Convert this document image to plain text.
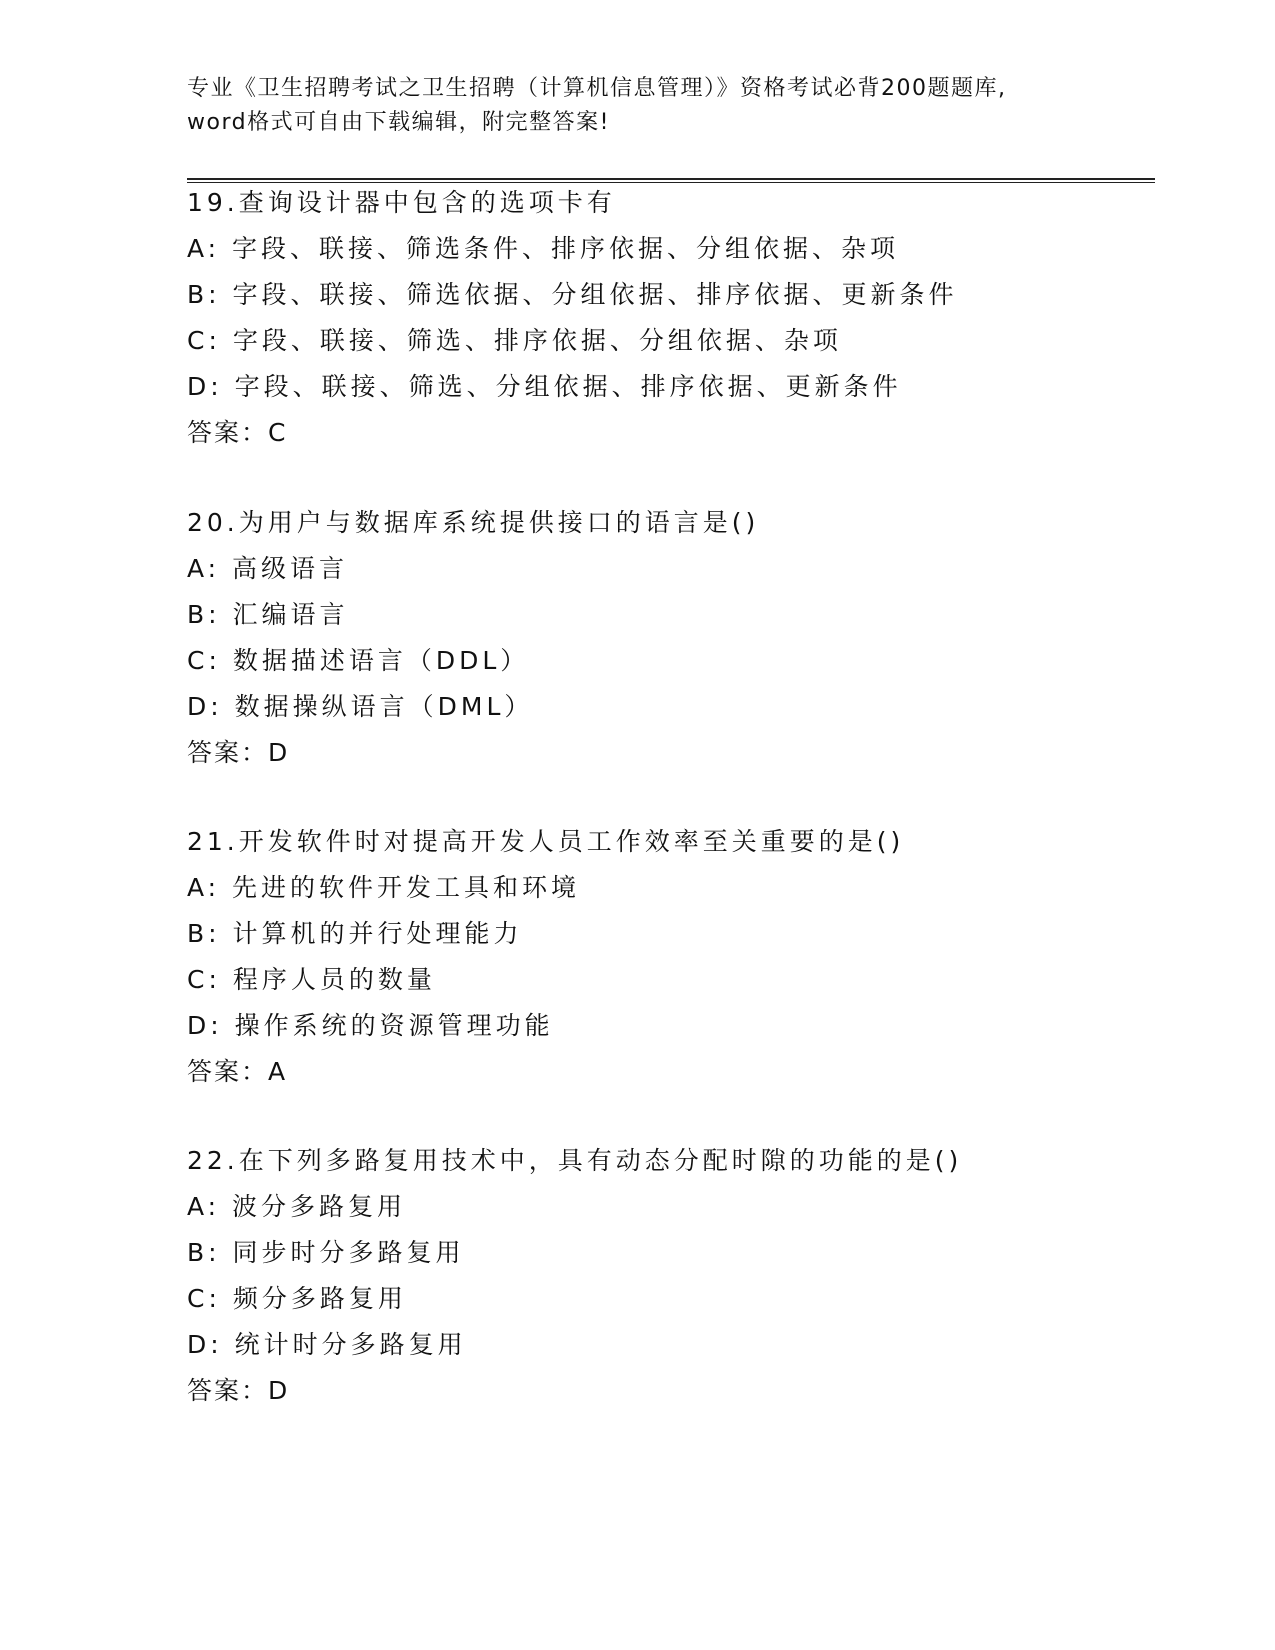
专业《卫生招聘考试之卫生招聘（计算机信息管理）》资格考试必背200题题库,
word格式可自由下载编辑，附完整答案!
19.查询设计器中包含的选项卡有
A: 字段、联接、筛选条件、排序依据、分组依据、杂项
B: 字段、联接、筛选依据、分组依据、排序依据、更新条件
C: 字段、联接、筛选、排序依据、分组依据、杂项
D: 字段、联接、筛选、分组依据、排序依据、更新条件
答案：C
20.为用户与数据库系统提供接口的语言是()
A: 高级语言
B: 汇编语言
C: 数据描述语言（DDL）
D: 数据操纵语言（DML）
答案：D
21.开发软件时对提高开发人员工作效率至关重要的是()
A: 先进的软件开发工具和环境
B: 计算机的并行处理能力
C: 程序人员的数量
D: 操作系统的资源管理功能
答案：A
22.在下列多路复用技术中，具有动态分配时隙的功能的是()
A: 波分多路复用
B: 同步时分多路复用
C: 频分多路复用
D: 统计时分多路复用
答案：D
